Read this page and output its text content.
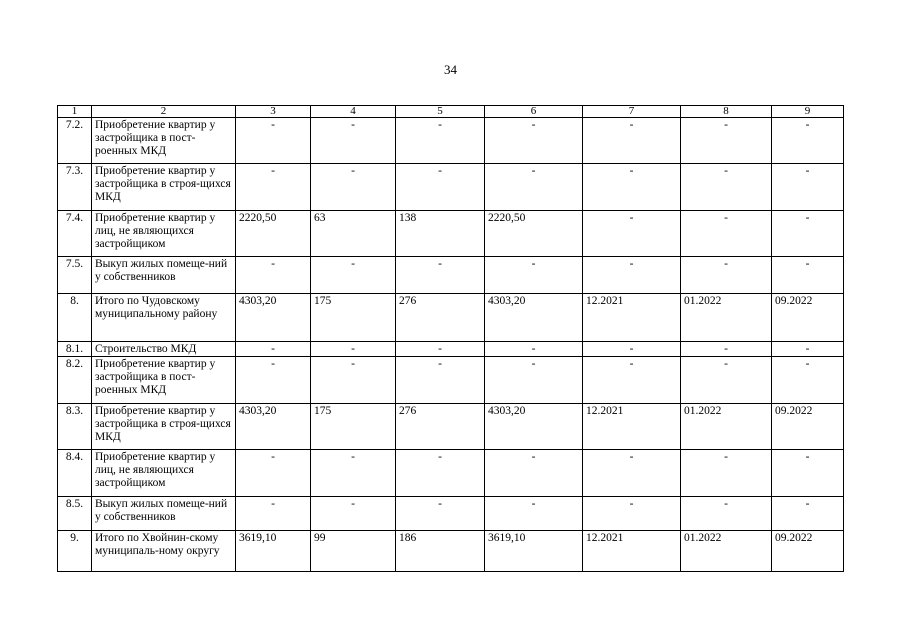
34
1	2	3	4	5	6	7	8	9
7.2.	Приобретение квартир у застройщика в пост-роенных МКД	-	-	-	-	-	-	-
7.3.	Приобретение квартир у застройщика в строя-щихся МКД	-	-	-	-	-	-	-
7.4.	Приобретение квартир у лиц, не являющихся застройщиком	2220,50	63	138	2220,50	-	-	-
7.5.	Выкуп жилых помеще-ний у собственников	-	-	-	-	-	-	-
8.	Итого по Чудовскому муниципальному району	4303,20	175	276	4303,20	12.2021	01.2022	09.2022
8.1.	Строительство МКД	-	-	-	-	-	-	-
8.2.	Приобретение квартир у застройщика в пост-роенных МКД	-	-	-	-	-	-	-
8.3.	Приобретение квартир у застройщика в строя-щихся МКД	4303,20	175	276	4303,20	12.2021	01.2022	09.2022
8.4.	Приобретение квартир у лиц, не являющихся застройщиком	-	-	-	-	-	-	-
8.5.	Выкуп жилых помеще-ний у собственников	-	-	-	-	-	-	-
9.	Итого по Хвойнин-скому муниципаль-ному округу	3619,10	99	186	3619,10	12.2021	01.2022	09.2022
